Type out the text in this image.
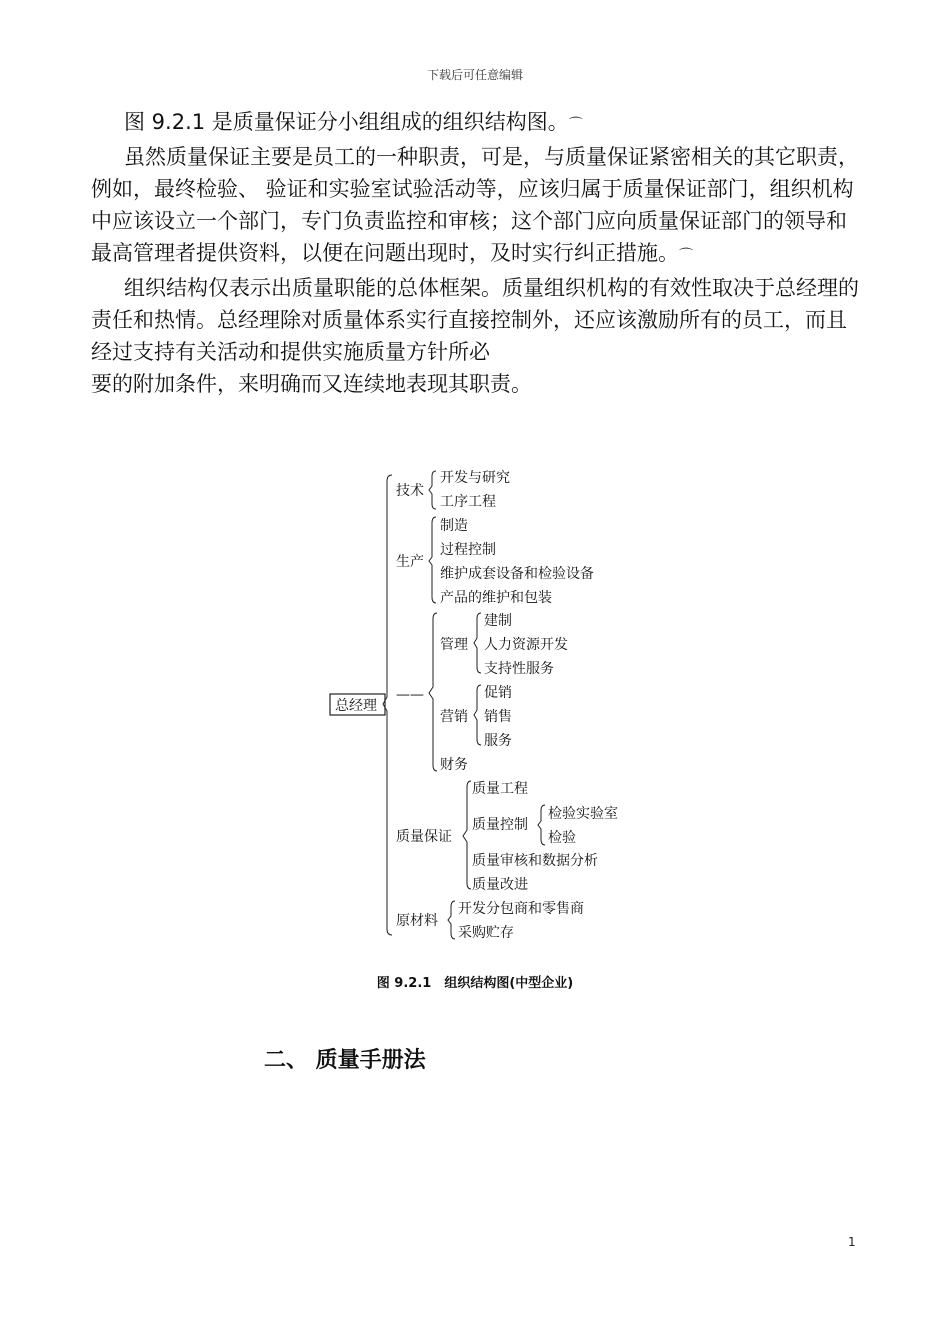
下载后可任意编辑

图 9.2.1 是质量保证分小组组成的组织结构图。⌒

虽然质量保证主要是员工的一种职责，可是，与质量保证紧密相关的其它职责，例如，最终检验、 验证和实验室试验活动等，应该归属于质量保证部门，组织机构中应该设立一个部门，专门负责监控和审核；这个部门应向质量保证部门的领导和最高管理者提供资料，以便在问题出现时，及时实行纠正措施。⌒

组织结构仅表示出质量职能的总体框架。质量组织机构的有效性取决于总经理的责任和热情。总经理除对质量体系实行直接控制外，还应该激励所有的员工，而且经过支持有关活动和提供实施质量方针所必

要的附加条件，来明确而又连续地表现其职责。

总经理
技术
开发与研究
工序工程
生产
制造
过程控制
维护成套设备和检验设备
产品的维护和包装
——
管理
建制
人力资源开发
支持性服务
营销
促销
销售
服务
财务
质量保证
质量工程
质量控制
检验实验室
检验
质量审核和数据分析
质量改进
原材料
开发分包商和零售商
采购贮存
图 9.2.1　组织结构图(中型企业)
二、 质量手册法
1
